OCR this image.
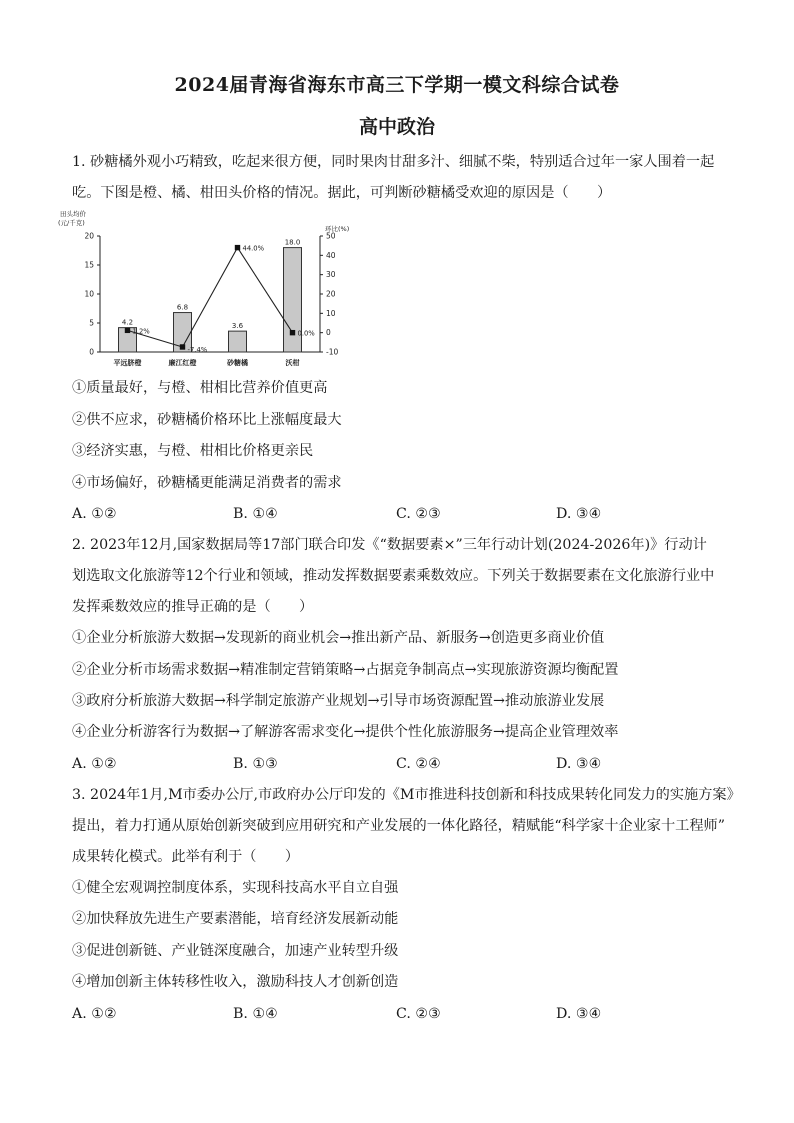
2024届青海省海东市高三下学期一模文科综合试卷
高中政治
1. 砂糖橘外观小巧精致，吃起来很方便，同时果肉甘甜多汁、细腻不柴，特别适合过年一家人围着一起
吃。下图是橙、橘、柑田头价格的情况。据此，可判断砂糖橘受欢迎的原因是（　　）
田头均价
(元/千克)
环比(%)
0
5
10
15
20
-10
0
10
20
30
40
50
4.2
6.8
3.6
18.0
平远脐橙	廉江红橙	砂糖橘	沃柑
1.2%
-7.4%
44.0%
0.0%
①质量最好，与橙、柑相比营养价值更高
②供不应求，砂糖橘价格环比上涨幅度最大
③经济实惠，与橙、柑相比价格更亲民
④市场偏好，砂糖橘更能满足消费者的需求
A. ①②	B. ①④	C. ②③	D. ③④
2. 2023年12月,国家数据局等17部门联合印发《“数据要素×”三年行动计划(2024-2026年)》行动计
划选取文化旅游等12个行业和领域，推动发挥数据要素乘数效应。下列关于数据要素在文化旅游行业中
发挥乘数效应的推导正确的是（　　）
①企业分析旅游大数据→发现新的商业机会→推出新产品、新服务→创造更多商业价值
②企业分析市场需求数据→精准制定营销策略→占据竞争制高点→实现旅游资源均衡配置
③政府分析旅游大数据→科学制定旅游产业规划→引导市场资源配置→推动旅游业发展
④企业分析游客行为数据→了解游客需求变化→提供个性化旅游服务→提高企业管理效率
A. ①②	B. ①③	C. ②④	D. ③④
3. 2024年1月,M市委办公厅,市政府办公厅印发的《M市推进科技创新和科技成果转化同发力的实施方案》
提出，着力打通从原始创新突破到应用研究和产业发展的一体化路径，精赋能“科学家十企业家十工程师”
成果转化模式。此举有利于（　　）
①健全宏观调控制度体系，实现科技高水平自立自强
②加快释放先进生产要素潜能，培育经济发展新动能
③促进创新链、产业链深度融合，加速产业转型升级
④增加创新主体转移性收入，激励科技人才创新创造
A. ①②	B. ①④	C. ②③	D. ③④
